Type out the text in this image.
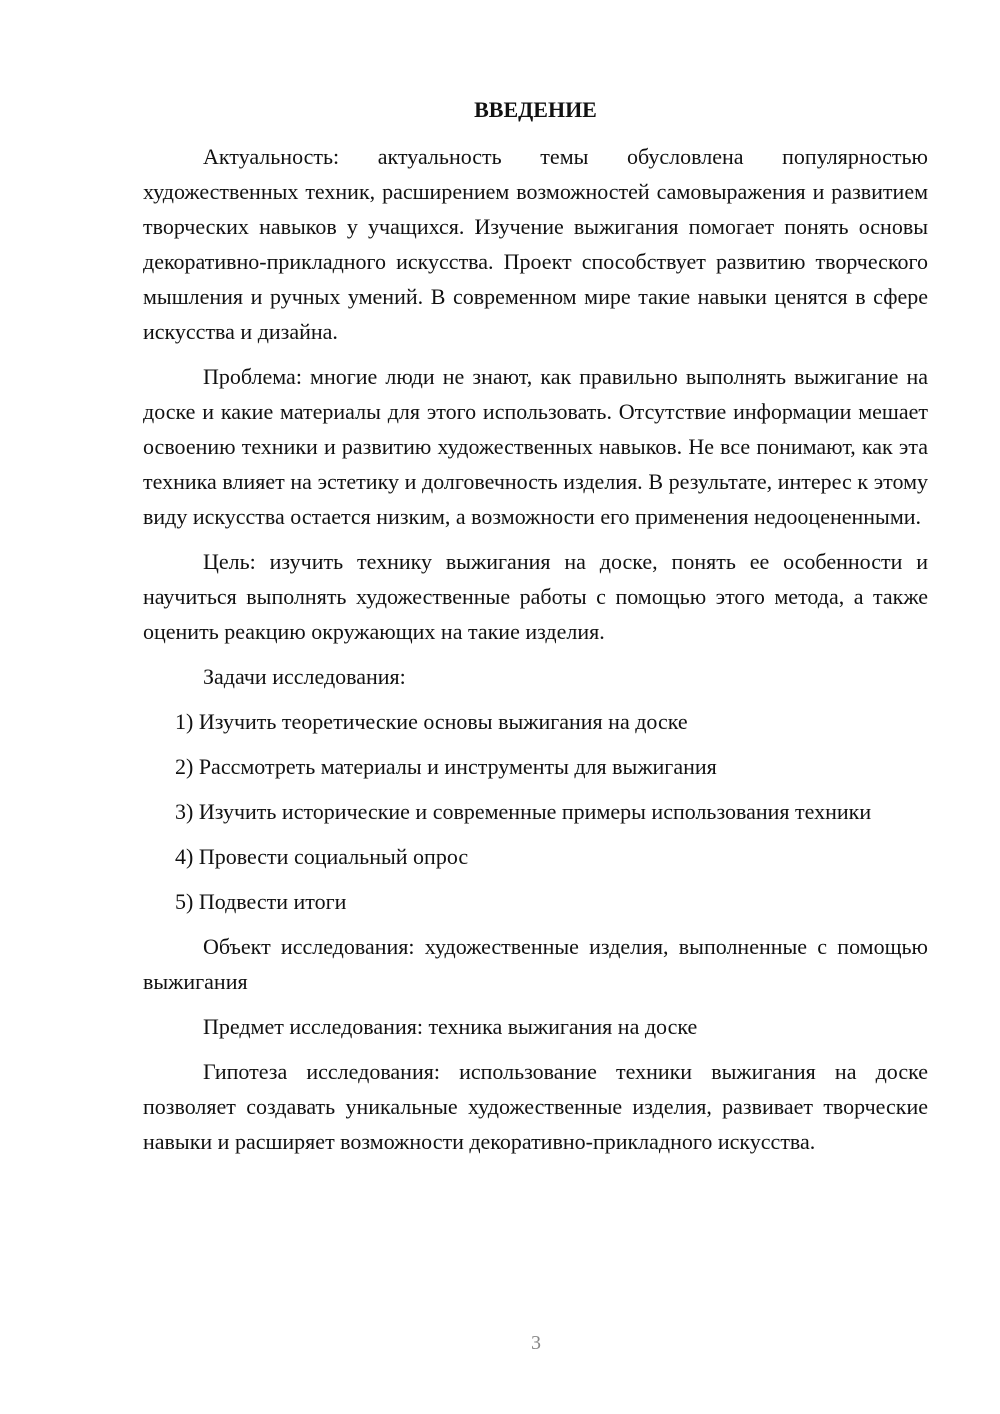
ВВЕДЕНИЕ

Актуальность: актуальность темы обусловлена популярностью художественных техник, расширением возможностей самовыражения и развитием творческих навыков у учащихся. Изучение выжигания помогает понять основы декоративно-прикладного искусства. Проект способствует развитию творческого мышления и ручных умений. В современном мире такие навыки ценятся в сфере искусства и дизайна.

Проблема: многие люди не знают, как правильно выполнять выжигание на доске и какие материалы для этого использовать. Отсутствие информации мешает освоению техники и развитию художественных навыков. Не все понимают, как эта техника влияет на эстетику и долговечность изделия. В результате, интерес к этому виду искусства остается низким, а возможности его применения недооцененными.

Цель: изучить технику выжигания на доске, понять ее особенности и научиться выполнять художественные работы с помощью этого метода, а также оценить реакцию окружающих на такие изделия.

Задачи исследования:

1) Изучить теоретические основы выжигания на доске

2) Рассмотреть материалы и инструменты для выжигания

3) Изучить исторические и современные примеры использования техники

4) Провести социальный опрос

5) Подвести итоги

Объект исследования: художественные изделия, выполненные с помощью выжигания

Предмет исследования: техника выжигания на доске

Гипотеза исследования: использование техники выжигания на доске позволяет создавать уникальные художественные изделия, развивает творческие навыки и расширяет возможности декоративно-прикладного искусства.

3
